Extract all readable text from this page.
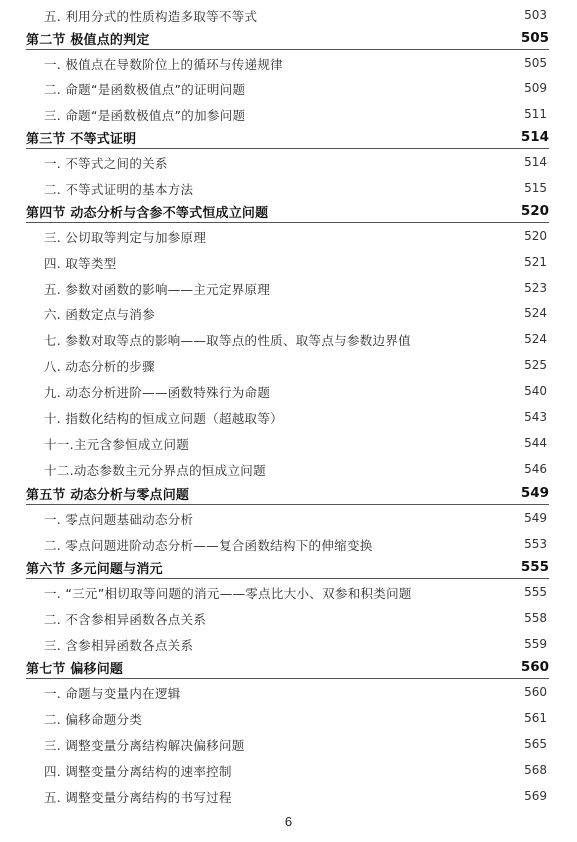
五. 利用分式的性质构造多取等不等式	503
第二节 极值点的判定	505
一. 极值点在导数阶位上的循环与传递规律	505
二. 命题“是函数极值点”的证明问题	509
三. 命题“是函数极值点”的加参问题	511
第三节 不等式证明	514
一. 不等式之间的关系	514
二. 不等式证明的基本方法	515
第四节 动态分析与含参不等式恒成立问题	520
三. 公切取等判定与加参原理	520
四. 取等类型	521
五. 参数对函数的影响——主元定界原理	523
六. 函数定点与消参	524
七. 参数对取等点的影响——取等点的性质、取等点与参数边界值	524
八. 动态分析的步骤	525
九. 动态分析进阶——函数特殊行为命题	540
十. 指数化结构的恒成立问题（超越取等）	543
十一.主元含参恒成立问题	544
十二.动态参数主元分界点的恒成立问题	546
第五节 动态分析与零点问题	549
一. 零点问题基础动态分析	549
二. 零点问题进阶动态分析——复合函数结构下的伸缩变换	553
第六节 多元问题与消元	555
一. “三元”相切取等问题的消元——零点比大小、双参和积类问题	555
二. 不含参相异函数各点关系	558
三. 含参相异函数各点关系	559
第七节 偏移问题	560
一. 命题与变量内在逻辑	560
二. 偏移命题分类	561
三. 调整变量分离结构解决偏移问题	565
四. 调整变量分离结构的速率控制	568
五. 调整变量分离结构的书写过程	569
6
